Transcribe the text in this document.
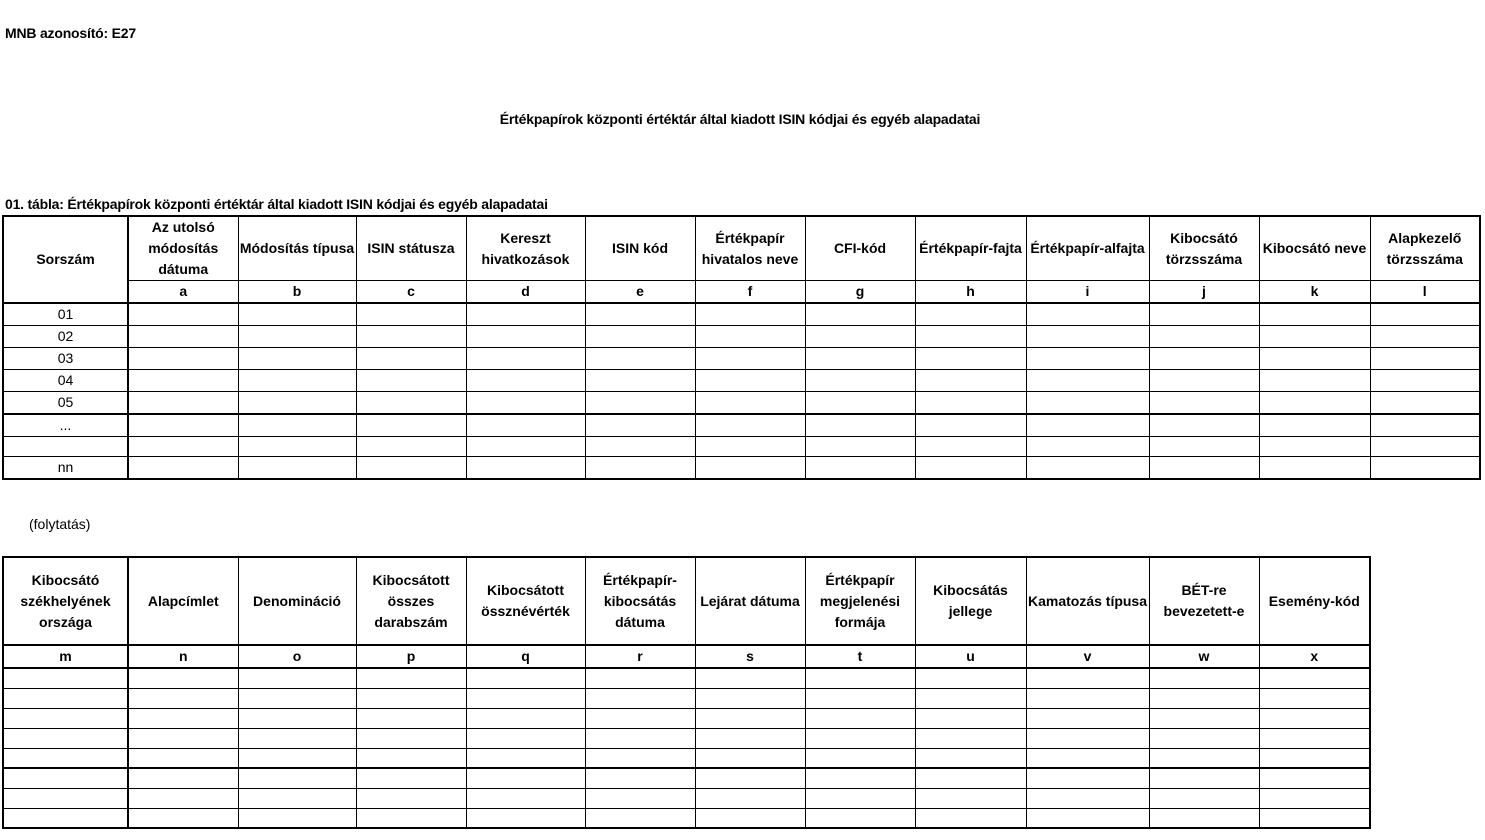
MNB azonosító: E27
Értékpapírok központi értéktár által kiadott ISIN kódjai és egyéb alapadatai
01. tábla: Értékpapírok központi értéktár által kiadott ISIN kódjai és egyéb alapadatai
(folytatás)
Sorszám	Az utolsó módosítás dátuma	Módosítás típusa	ISIN státusza	Kereszt hivatkozások	ISIN kód	Értékpapír hivatalos neve	CFI-kód	Értékpapír-fajta	Értékpapír-alfajta	Kibocsátó törzsszáma	Kibocsátó neve	Alapkezelő törzsszáma
	a	b	c	d	e	f	g	h	i	j	k	l
01												
02												
03												
04												
05												
...												

nn												
Kibocsátó székhelyének országa	Alapcímlet	Denomináció	Kibocsátott összes darabszám	Kibocsátott össznévérték	Értékpapír-kibocsátás dátuma	Lejárat dátuma	Értékpapír megjelenési formája	Kibocsátás jellege	Kamatozás típusa	BÉT-re bevezetett-e	Esemény-kód
m	n	o	p	q	r	s	t	u	v	w	x
